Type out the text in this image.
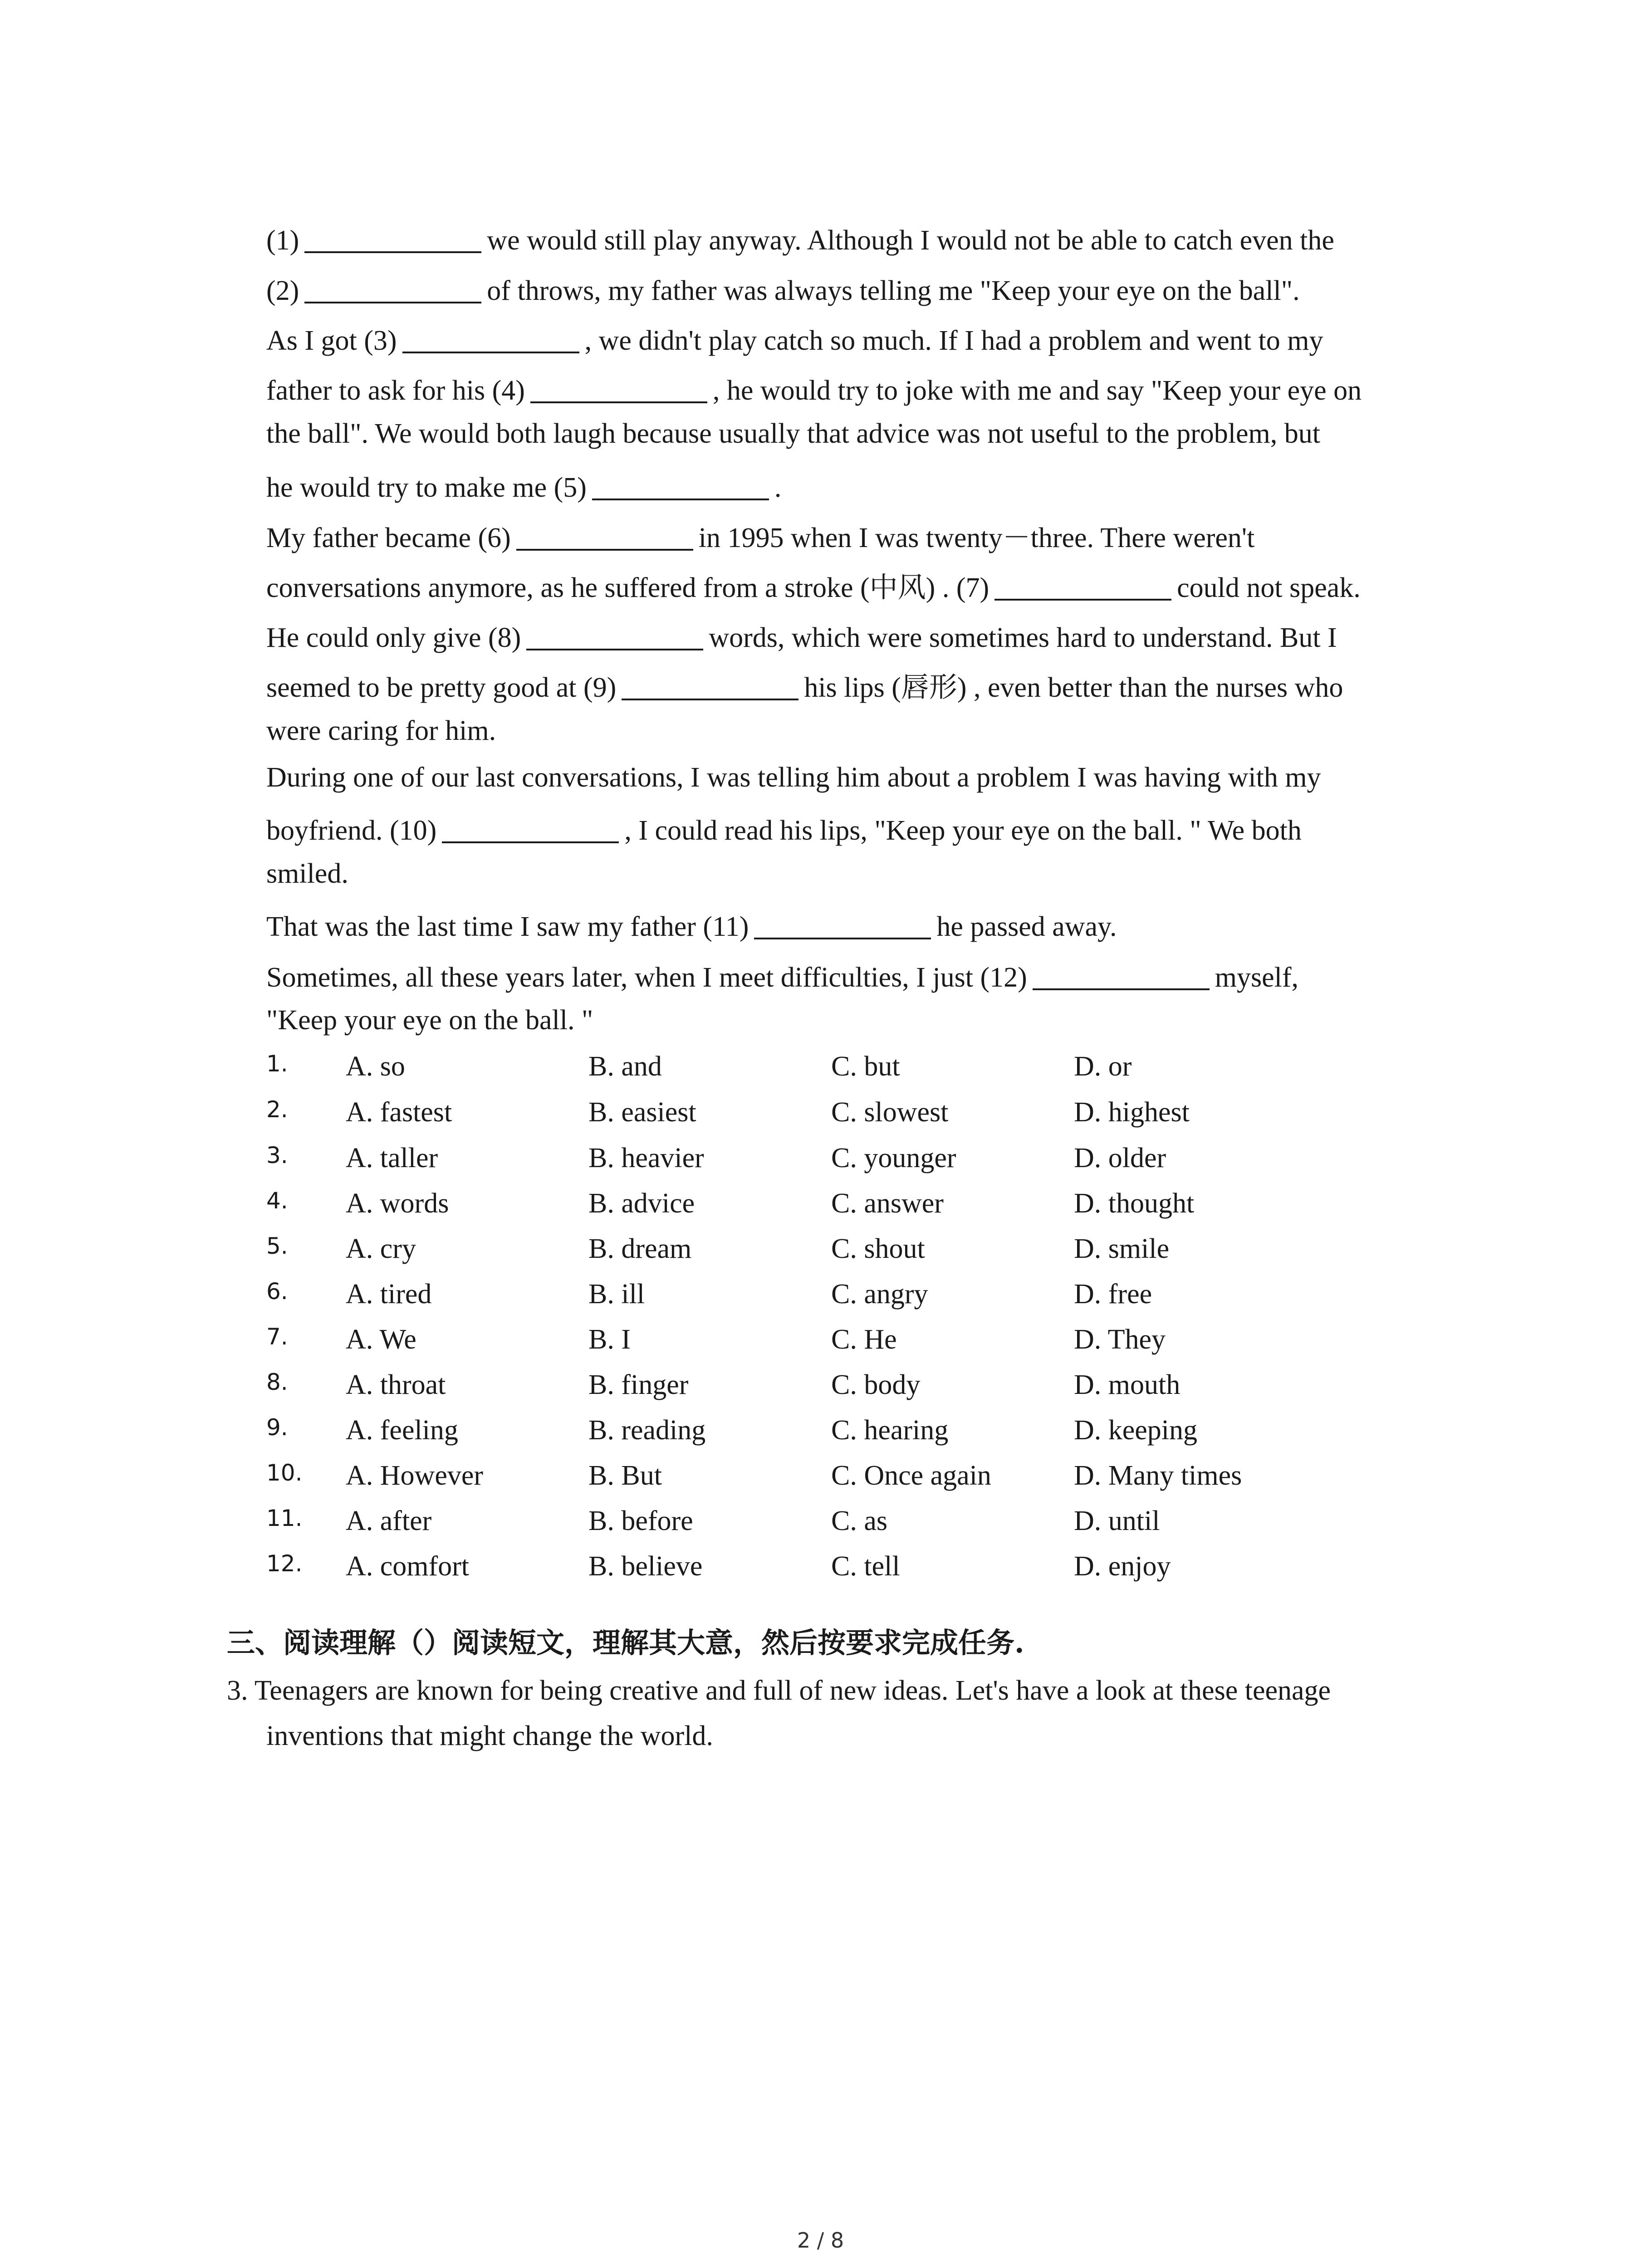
(1)	we would still play anyway. Although I would not be able to catch even the
(2)	of throws, my father was always telling me "Keep your eye on the ball".
As I got (3)	, we didn't play catch so much. If I had a problem and went to my
father to ask for his (4)	, he would try to joke with me and say "Keep your eye on
the ball". We would both laugh because usually that advice was not useful to the problem, but
he would try to make me (5)	.
My father became (6)	in 1995 when I was twenty－three. There weren't
conversations anymore, as he suffered from a stroke (中风) . (7)	could not speak.
He could only give (8)	words, which were sometimes hard to understand. But I
seemed to be pretty good at (9)	his lips (唇形) , even better than the nurses who
were caring for him.
During one of our last conversations, I was telling him about a problem I was having with my
boyfriend. (10)	, I could read his lips, "Keep your eye on the ball. " We both
smiled.
That was the last time I saw my father (11)	he passed away.
Sometimes, all these years later, when I meet difficulties, I just (12)	myself,
"Keep your eye on the ball. "
1. A. so	B. and	C. but	D. or
2. A. fastest	B. easiest	C. slowest	D. highest
3. A. taller	B. heavier	C. younger	D. older
4. A. words	B. advice	C. answer	D. thought
5. A. cry	B. dream	C. shout	D. smile
6. A. tired	B. ill	C. angry	D. free
7. A. We	B. I	C. He	D. They
8. A. throat	B. finger	C. body	D. mouth
9. A. feeling	B. reading	C. hearing	D. keeping
10. A. However	B. But	C. Once again	D. Many times
11. A. after	B. before	C. as	D. until
12. A. comfort	B. believe	C. tell	D. enjoy
三、阅读理解（）阅读短文，理解其大意，然后按要求完成任务.
3. Teenagers are known for being creative and full of new ideas. Let's have a look at these teenage
inventions that might change the world.
2 / 8
